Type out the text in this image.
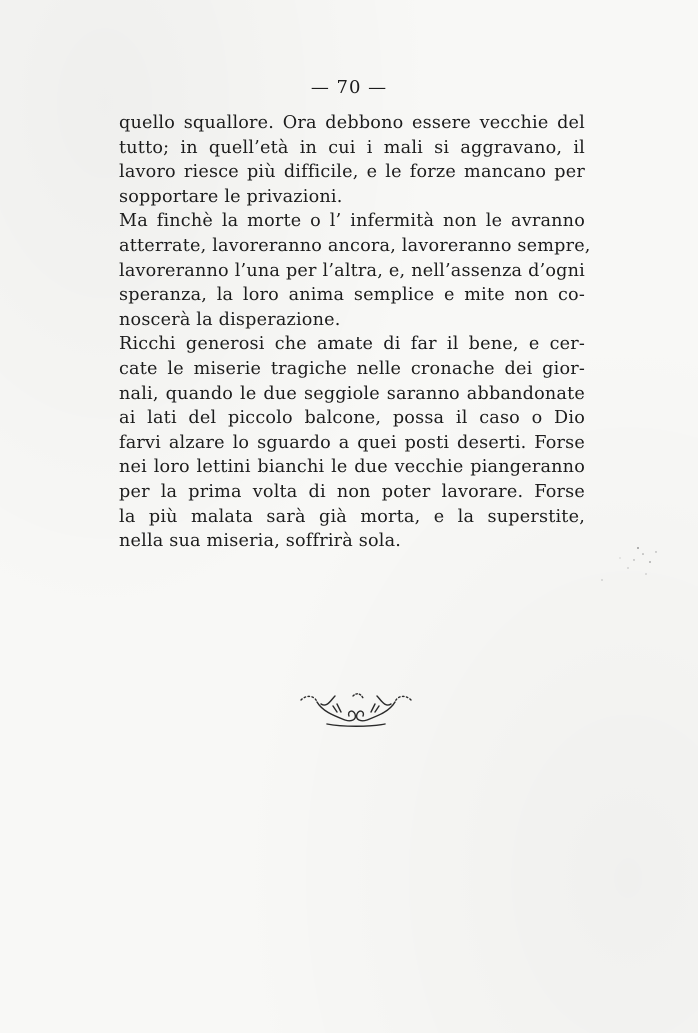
— 70 —
quello squallore. Ora debbono essere vecchie del
tutto; in quell’età in cui i mali si aggravano, il
lavoro riesce più difficile, e le forze mancano per
sopportare le privazioni.
Ma finchè la morte o l’ infermità non le avranno
atterrate, lavoreranno ancora, lavoreranno sempre,
lavoreranno l’una per l’altra, e, nell’assenza d’ogni
speranza, la loro anima semplice e mite non co-
noscerà la disperazione.
Ricchi generosi che amate di far il bene, e cer-
cate le miserie tragiche nelle cronache dei gior-
nali, quando le due seggiole saranno abbandonate
ai lati del piccolo balcone, possa il caso o Dio
farvi alzare lo sguardo a quei posti deserti. Forse
nei loro lettini bianchi le due vecchie piangeranno
per la prima volta di non poter lavorare. Forse
la più malata sarà già morta, e la superstite,
nella sua miseria, soffrirà sola.
